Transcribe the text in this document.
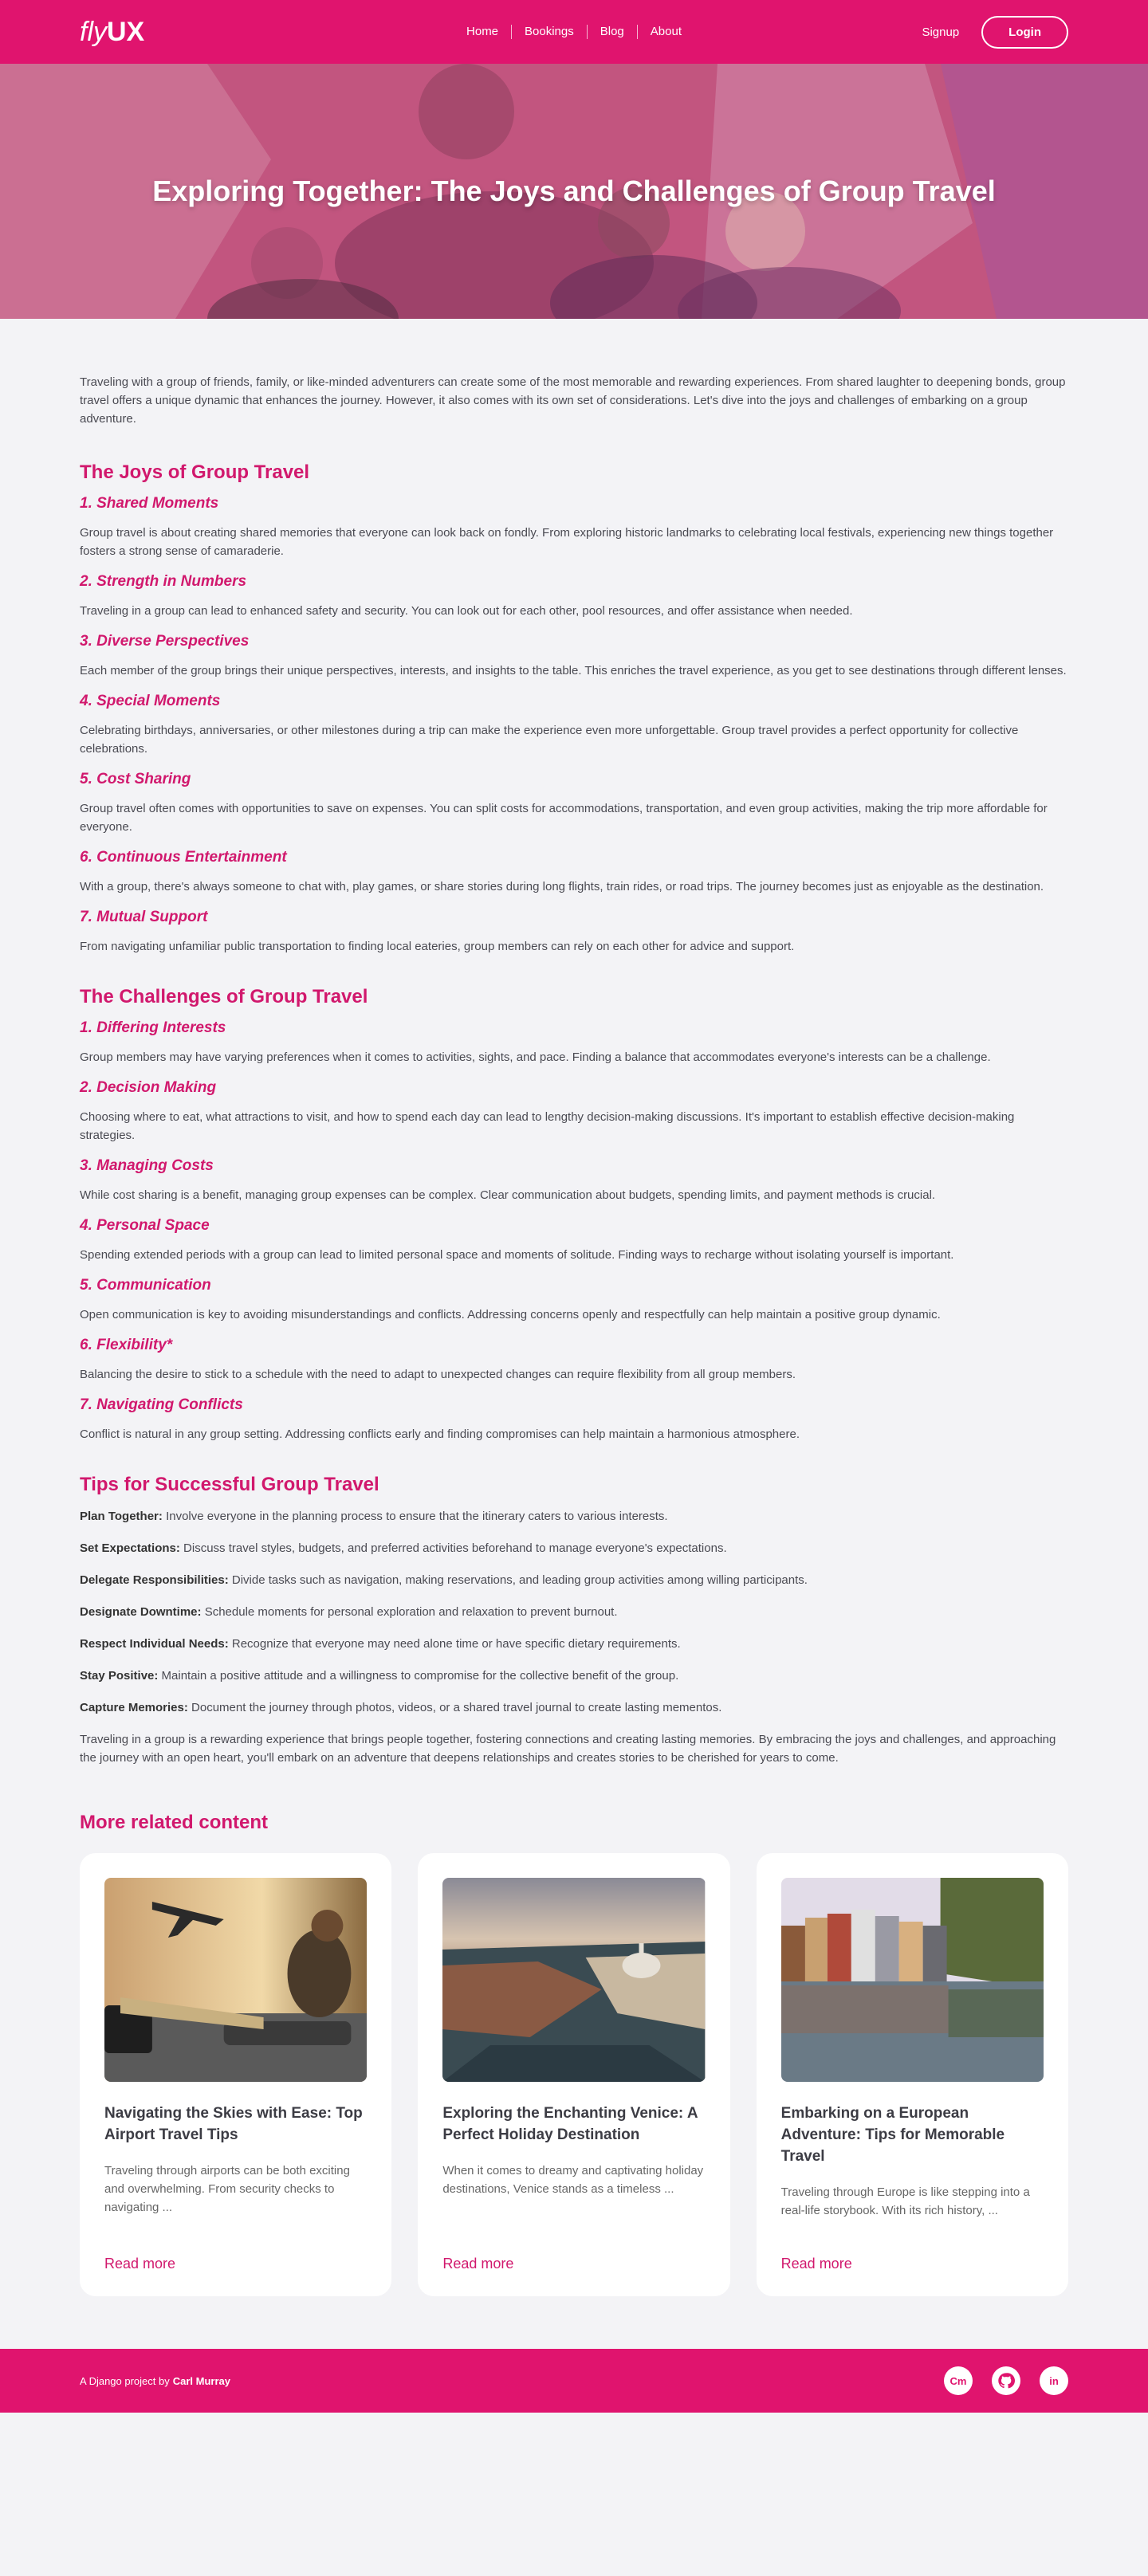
fly UX	Home	Bookings	Blog	About	Signup	Login
Exploring Together: The Joys and Challenges of Group Travel

Traveling with a group of friends, family, or like-minded adventurers can create some of the most memorable and rewarding experiences. From shared laughter to deepening bonds, group travel offers a unique dynamic that enhances the journey. However, it also comes with its own set of considerations. Let's dive into the joys and challenges of embarking on a group adventure.

The Joys of Group Travel
1. Shared Moments

Group travel is about creating shared memories that everyone can look back on fondly. From exploring historic landmarks to celebrating local festivals, experiencing new things together fosters a strong sense of camaraderie.

2. Strength in Numbers

Traveling in a group can lead to enhanced safety and security. You can look out for each other, pool resources, and offer assistance when needed.

3. Diverse Perspectives

Each member of the group brings their unique perspectives, interests, and insights to the table. This enriches the travel experience, as you get to see destinations through different lenses.

4. Special Moments

Celebrating birthdays, anniversaries, or other milestones during a trip can make the experience even more unforgettable. Group travel provides a perfect opportunity for collective celebrations.

5. Cost Sharing

Group travel often comes with opportunities to save on expenses. You can split costs for accommodations, transportation, and even group activities, making the trip more affordable for everyone.

6. Continuous Entertainment

With a group, there's always someone to chat with, play games, or share stories during long flights, train rides, or road trips. The journey becomes just as enjoyable as the destination.

7. Mutual Support

From navigating unfamiliar public transportation to finding local eateries, group members can rely on each other for advice and support.

The Challenges of Group Travel
1. Differing Interests

Group members may have varying preferences when it comes to activities, sights, and pace. Finding a balance that accommodates everyone's interests can be a challenge.

2. Decision Making

Choosing where to eat, what attractions to visit, and how to spend each day can lead to lengthy decision-making discussions. It's important to establish effective decision-making strategies.

3. Managing Costs

While cost sharing is a benefit, managing group expenses can be complex. Clear communication about budgets, spending limits, and payment methods is crucial.

4. Personal Space

Spending extended periods with a group can lead to limited personal space and moments of solitude. Finding ways to recharge without isolating yourself is important.

5. Communication

Open communication is key to avoiding misunderstandings and conflicts. Addressing concerns openly and respectfully can help maintain a positive group dynamic.

6. Flexibility*

Balancing the desire to stick to a schedule with the need to adapt to unexpected changes can require flexibility from all group members.

7. Navigating Conflicts

Conflict is natural in any group setting. Addressing conflicts early and finding compromises can help maintain a harmonious atmosphere.

Tips for Successful Group Travel

Plan Together: Involve everyone in the planning process to ensure that the itinerary caters to various interests.

Set Expectations: Discuss travel styles, budgets, and preferred activities beforehand to manage everyone's expectations.

Delegate Responsibilities: Divide tasks such as navigation, making reservations, and leading group activities among willing participants.

Designate Downtime: Schedule moments for personal exploration and relaxation to prevent burnout.

Respect Individual Needs: Recognize that everyone may need alone time or have specific dietary requirements.

Stay Positive: Maintain a positive attitude and a willingness to compromise for the collective benefit of the group.

Capture Memories: Document the journey through photos, videos, or a shared travel journal to create lasting mementos.

Traveling in a group is a rewarding experience that brings people together, fostering connections and creating lasting memories. By embracing the joys and challenges, and approaching the journey with an open heart, you'll embark on an adventure that deepens relationships and creates stories to be cherished for years to come.

More related content
Navigating the Skies with Ease: Top Airport Travel Tips

Traveling through airports can be both exciting and overwhelming. From security checks to navigating ...

Read more
Exploring the Enchanting Venice: A Perfect Holiday Destination

When it comes to dreamy and captivating holiday destinations, Venice stands as a timeless ...

Read more
Embarking on a European Adventure: Tips for Memorable Travel

Traveling through Europe is like stepping into a real-life storybook. With its rich history, ...

Read more
A Django project by Carl Murray	Cm	in
